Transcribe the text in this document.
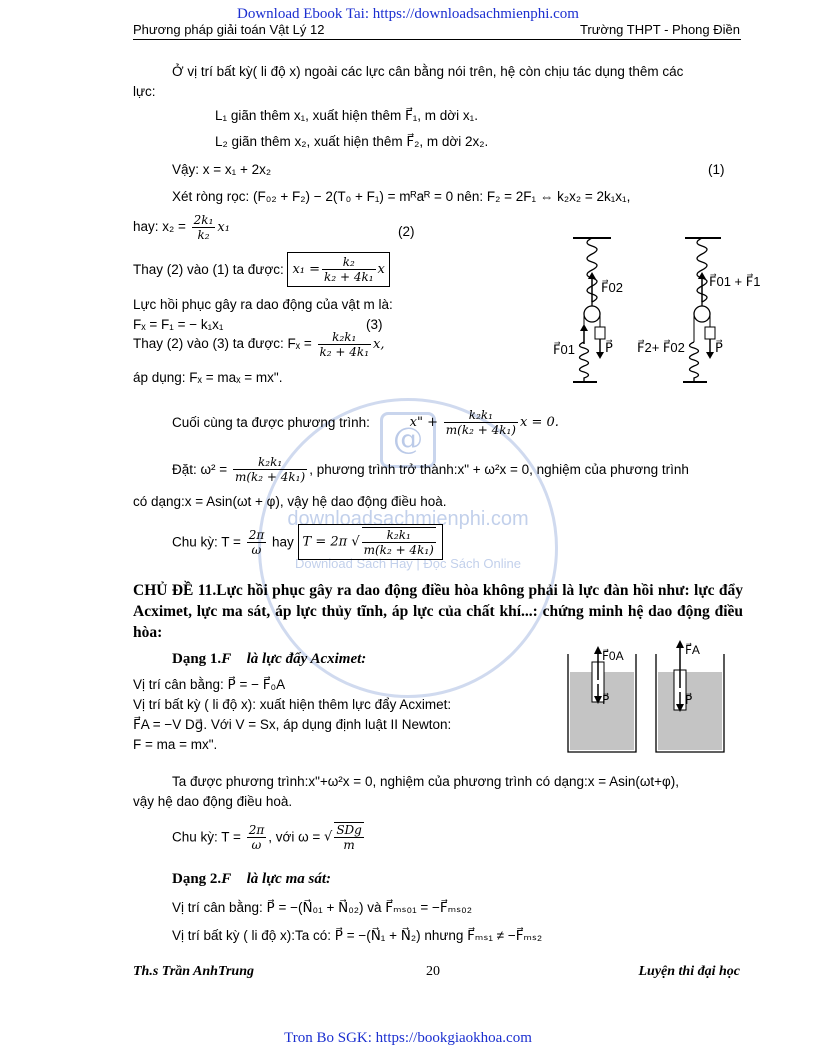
Download Ebook Tai: https://downloadsachmienphi.com
Phương pháp giải toán Vật Lý 12	Trường THPT - Phong Điền
@
downloadsachmienphi.com
Download Sách Hay | Đọc Sách Online
Ở vị trí bất kỳ( li độ x) ngoài các lực cân bằng nói trên, hệ còn chịu tác dụng thêm các
lực:
L₁ giãn thêm x₁, xuất hiện thêm F⃗₁, m dời x₁.
L₂ giãn thêm x₂, xuất hiện thêm F⃗₂, m dời 2x₂.
Vậy: x = x₁ + 2x₂	(1)
Xét ròng rọc: (F₀₂ + F₂) − 2(T₀ + F₁) = mᴿaᴿ = 0 nên: F₂ = 2F₁ ⇔ k₂x₂ = 2k₁x₁,
hay: $x_2 = \frac{\text{2k₁}}{\text{k₂}} x_1$	(2)
Thay (2) vào (1) ta được: $x_1 = \frac{\text{k₂}}{\text{k₂ + 4k₁}}$ x
Lực hồi phục gây ra dao động của vật m là:
Fₓ = F₁ = − k₁x₁	(3)
Thay (2) vào (3) ta được: $F_x = \frac{\text{k₂k₁}}{\text{k₂ + 4k₁}} x$,
áp dụng: Fₓ = maₓ = mx".
F⃗02	F⃗01 + F⃗1
F⃗01 P⃗ F⃗2+ F⃗02 P⃗
Cuối cùng ta được phương trình:	x" + $\frac{\text{k₂k₁}}{\text{m(k₂ + 4k₁)}}$ x = 0.
Đặt: $\omega^2 = \frac{\text{k₂k₁}}{\text{m(k₂ + 4k₁)}}$ , phương trình trở thành:x" + ω²x = 0, nghiệm của phương trình
có dạng:x = Asin(ωt + φ), vậy hệ dao động điều hoà.
Chu kỳ: $T = \frac{2\pi}{\omega}$ hay T = 2π √ $\frac{\text{k₂k₁}}{\text{m(k₂ + 4k₁)}}$
CHỦ ĐỀ 11.Lực hồi phục gây ra dao động điều hòa không phải là lực đàn hồi như: lực đẩy Acximet, lực ma sát, áp lực thủy tĩnh, áp lực của chất khí...: chứng minh hệ dao động điều hòa:
Dạng 1.F⃗ là lực đẩy Acximet:
Vị trí cân bằng: P⃗ = − F⃗₀A
Vị trí bất kỳ ( li độ x): xuất hiện thêm lực đẩy Acximet:
F⃗A = −V Dg⃗. Với V = Sx, áp dụng định luật II Newton:
F = ma = mx".
F⃗0A	F⃗A
P⃗	P⃗
Ta được phương trình:x"+ω²x = 0, nghiệm của phương trình có dạng:x = Asin(ωt+φ),
vậy hệ dao động điều hoà.
Chu kỳ: $T = \frac{2\pi}{\omega}$ , với ω = √ $\frac{\text{SDg}}{m}$
Dạng 2.F⃗ là lực ma sát:
Vị trí cân bằng: P⃗ = −(N⃗₀₁ + N⃗₀₂) và F⃗ₘₛ₀₁ = −F⃗ₘₛ₀₂
Vị trí bất kỳ ( li độ x):Ta có: P⃗ = −(N⃗₁ + N⃗₂) nhưng F⃗ₘₛ₁ ≠ −F⃗ₘₛ₂
Th.s Trần AnhTrung	20	Luyện thi đại học
Tron Bo SGK: https://bookgiaokhoa.com
